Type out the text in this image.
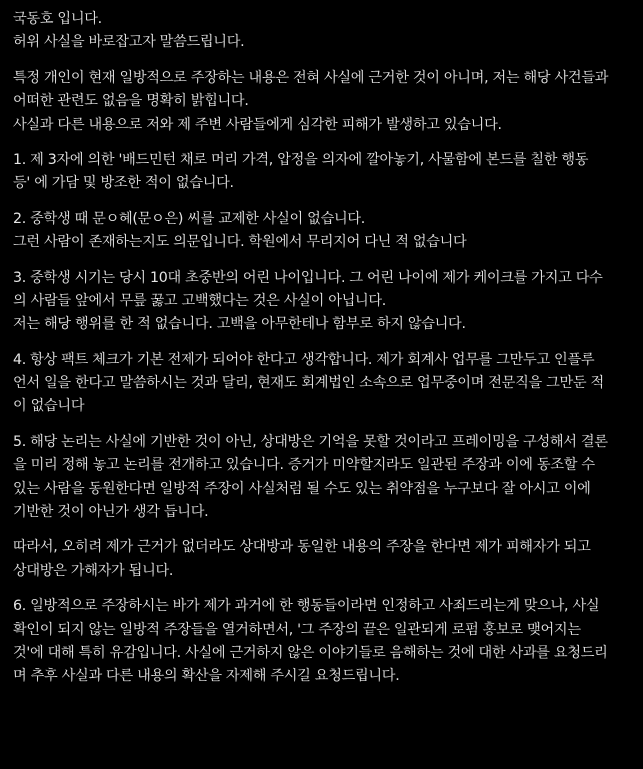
국동호 입니다.
허위 사실을 바로잡고자 말씀드립니다.
특정 개인이 현재 일방적으로 주장하는 내용은 전혀 사실에 근거한 것이 아니며, 저는 해당 사건들과
어떠한 관련도 없음을 명확히 밝힙니다.
사실과 다른 내용으로 저와 제 주변 사람들에게 심각한 피해가 발생하고 있습니다.
1. 제 3자에 의한 '배드민턴 채로 머리 가격, 압정을 의자에 깔아놓기, 사물함에 본드를 칠한 행동
등' 에 가담 및 방조한 적이 없습니다.
2. 중학생 때 문ㅇ혜(문ㅇ은) 씨를 교제한 사실이 없습니다.
그런 사람이 존재하는지도 의문입니다. 학원에서 무리지어 다닌 적 없습니다
3. 중학생 시기는 당시 10대 초중반의 어린 나이입니다. 그 어린 나이에 제가 케이크를 가지고 다수
의 사람들 앞에서 무릎 꿇고 고백했다는 것은 사실이 아닙니다.
저는 해당 행위를 한 적 없습니다. 고백을 아무한테나 함부로 하지 않습니다.
4. 항상 팩트 체크가 기본 전제가 되어야 한다고 생각합니다. 제가 회계사 업무를 그만두고 인플루
언서 일을 한다고 말씀하시는 것과 달리, 현재도 회계법인 소속으로 업무중이며 전문직을 그만둔 적
이 없습니다
5. 해당 논리는 사실에 기반한 것이 아닌, 상대방은 기억을 못할 것이라고 프레이밍을 구성해서 결론
을 미리 정해 놓고 논리를 전개하고 있습니다. 증거가 미약할지라도 일관된 주장과 이에 동조할 수
있는 사람을 동원한다면 일방적 주장이 사실처럼 될 수도 있는 취약점을 누구보다 잘 아시고 이에
기반한 것이 아닌가 생각 듭니다.
따라서, 오히려 제가 근거가 없더라도 상대방과 동일한 내용의 주장을 한다면 제가 피해자가 되고
상대방은 가해자가 됩니다.
6. 일방적으로 주장하시는 바가 제가 과거에 한 행동들이라면 인정하고 사죄드리는게 맞으나, 사실
확인이 되지 않는 일방적 주장들을 열거하면서, '그 주장의 끝은 일관되게 로펌 홍보로 맺어지는
것'에 대해 특히 유감입니다. 사실에 근거하지 않은 이야기들로 음해하는 것에 대한 사과를 요청드리
며 추후 사실과 다른 내용의 확산을 자제해 주시길 요청드립니다.
